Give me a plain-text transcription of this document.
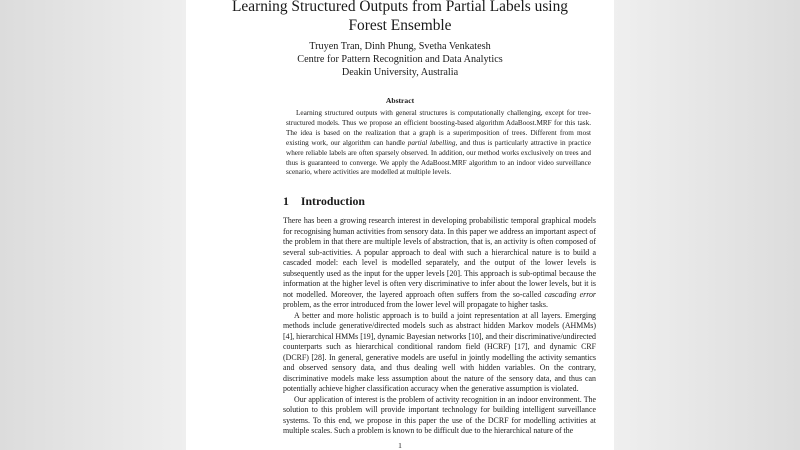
Learning Structured Outputs from Partial Labels using
Forest Ensemble
Truyen Tran, Dinh Phung, Svetha Venkatesh
Centre for Pattern Recognition and Data Analytics
Deakin University, Australia
Abstract

Learning structured outputs with general structures is computationally challenging, except for tree-structured models. Thus we propose an efficient boosting-based algorithm AdaBoost.MRF for this task. The idea is based on the realization that a graph is a superimposition of trees. Different from most existing work, our algorithm can handle partial labelling, and thus is particularly attractive in practice where reliable labels are often sparsely observed. In addition, our method works exclusively on trees and thus is guaranteed to converge. We apply the AdaBoost.MRF algorithm to an indoor video surveillance scenario, where activities are modelled at multiple levels.

1 Introduction

There has been a growing research interest in developing probabilistic temporal graphical models for recognising human activities from sensory data. In this paper we address an important aspect of the problem in that there are multiple levels of abstraction, that is, an activity is often composed of several sub-activities. A popular approach to deal with such a hierarchical nature is to build a cascaded model: each level is modelled separately, and the output of the lower levels is subsequently used as the input for the upper levels [20]. This approach is sub-optimal because the information at the higher level is often very discriminative to infer about the lower levels, but it is not modelled. Moreover, the layered approach often suffers from the so-called cascading error problem, as the error introduced from the lower level will propagate to higher tasks.

A better and more holistic approach is to build a joint representation at all layers. Emerging methods include generative/directed models such as abstract hidden Markov models (AHMMs) [4], hierarchical HMMs [19], dynamic Bayesian networks [10], and their discriminative/undirected counterparts such as hierarchical conditional random field (HCRF) [17], and dynamic CRF (DCRF) [28]. In general, generative models are useful in jointly modelling the activity semantics and observed sensory data, and thus dealing well with hidden variables. On the contrary, discriminative models make less assumption about the nature of the sensory data, and thus can potentially achieve higher classification accuracy when the generative assumption is violated.

Our application of interest is the problem of activity recognition in an indoor environment. The solution to this problem will provide important technology for building intelligent surveillance systems. To this end, we propose in this paper the use of the DCRF for modelling activities at multiple scales. Such a problem is known to be difficult due to the hierarchical nature of the

1
